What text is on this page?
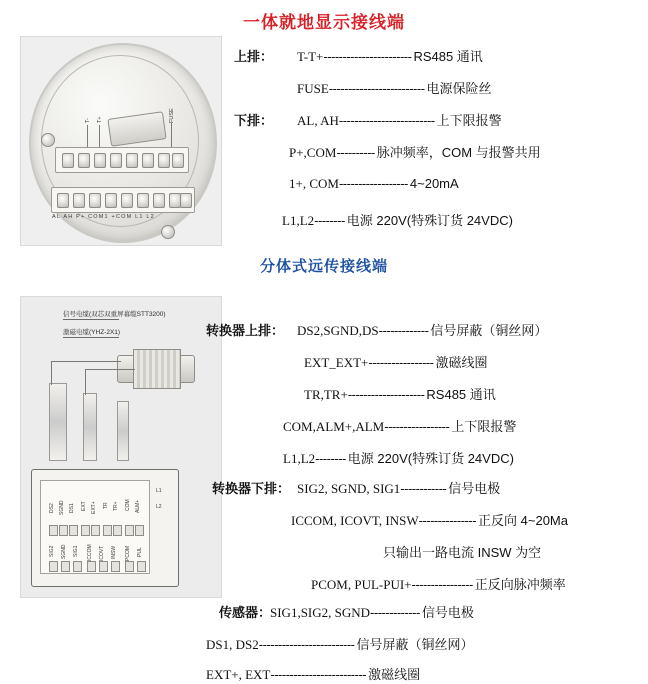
一体就地显示接线端
T- T+	FUSE
AL AH P+ COM1 +COM L1 L2
上排： T-T+ ----------------------- RS485 通讯
FUSE ------------------------- 电源保险丝
下排： AL, AH ------------------------- 上下限报警
P+,COM ---------- 脉冲频率，COM 与报警共用
1+, COM ------------------ 4~20mA
L1,L2 -------- 电源 220V(特殊订货 24VDC)
分体式远传接线端
信号电缆(双芯双重屏幕缆STT3200)
激磁电缆(YHZ-2X1)
DS2 SGND DS1 EXT EXT+ TR TR+ COM ALM+
SIG2 SGND SIG1 ICCOM ICOVT INSW PCOM PUL
L1
L2
转换器上排： DS2,SGND,DS ------------- 信号屏蔽（铜丝网）
EXT_EXT+ ----------------- 激磁线圈
TR,TR+ -------------------- RS485 通讯
COM,ALM+,ALM ----------------- 上下限报警
L1,L2 -------- 电源 220V(特殊订货 24VDC)
转换器下排： SIG2, SGND, SIG1 ------------ 信号电极
ICCOM, ICOVT, INSW --------------- 正反向 4~20Ma
只输出一路电流 INSW 为空
PCOM, PUL-PUI+ ---------------- 正反向脉冲频率
传感器：
SIG1,SIG2, SGND ------------- 信号电极
DS1, DS2 ------------------------- 信号屏蔽（铜丝网）
EXT+, EXT ------------------------- 激磁线圈
